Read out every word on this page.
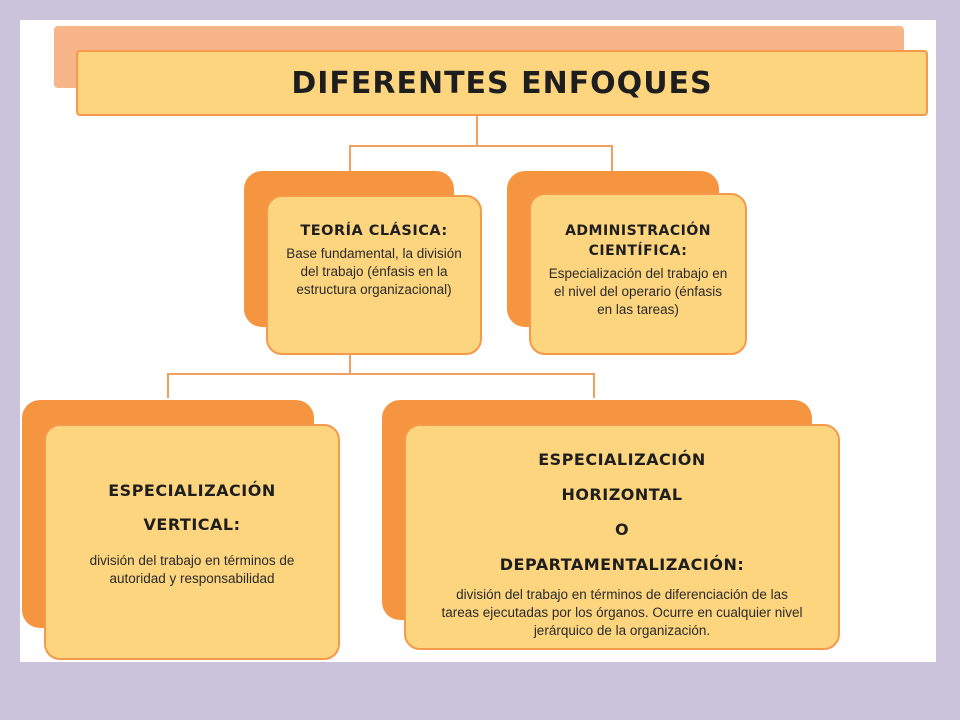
DIFERENTES ENFOQUES
TEORÍA CLÁSICA:
Base fundamental, la división
del trabajo (énfasis en la
estructura organizacional)
ADMINISTRACIÓN
CIENTÍFICA:
Especialización del trabajo en
el nivel del operario (énfasis
en las tareas)
ESPECIALIZACIÓN
VERTICAL:
división del trabajo en términos de
autoridad y responsabilidad
ESPECIALIZACIÓN
HORIZONTAL
O
DEPARTAMENTALIZACIÓN:
división del trabajo en términos de diferenciación de las
tareas ejecutadas por los órganos. Ocurre en cualquier nivel
jerárquico de la organización.
